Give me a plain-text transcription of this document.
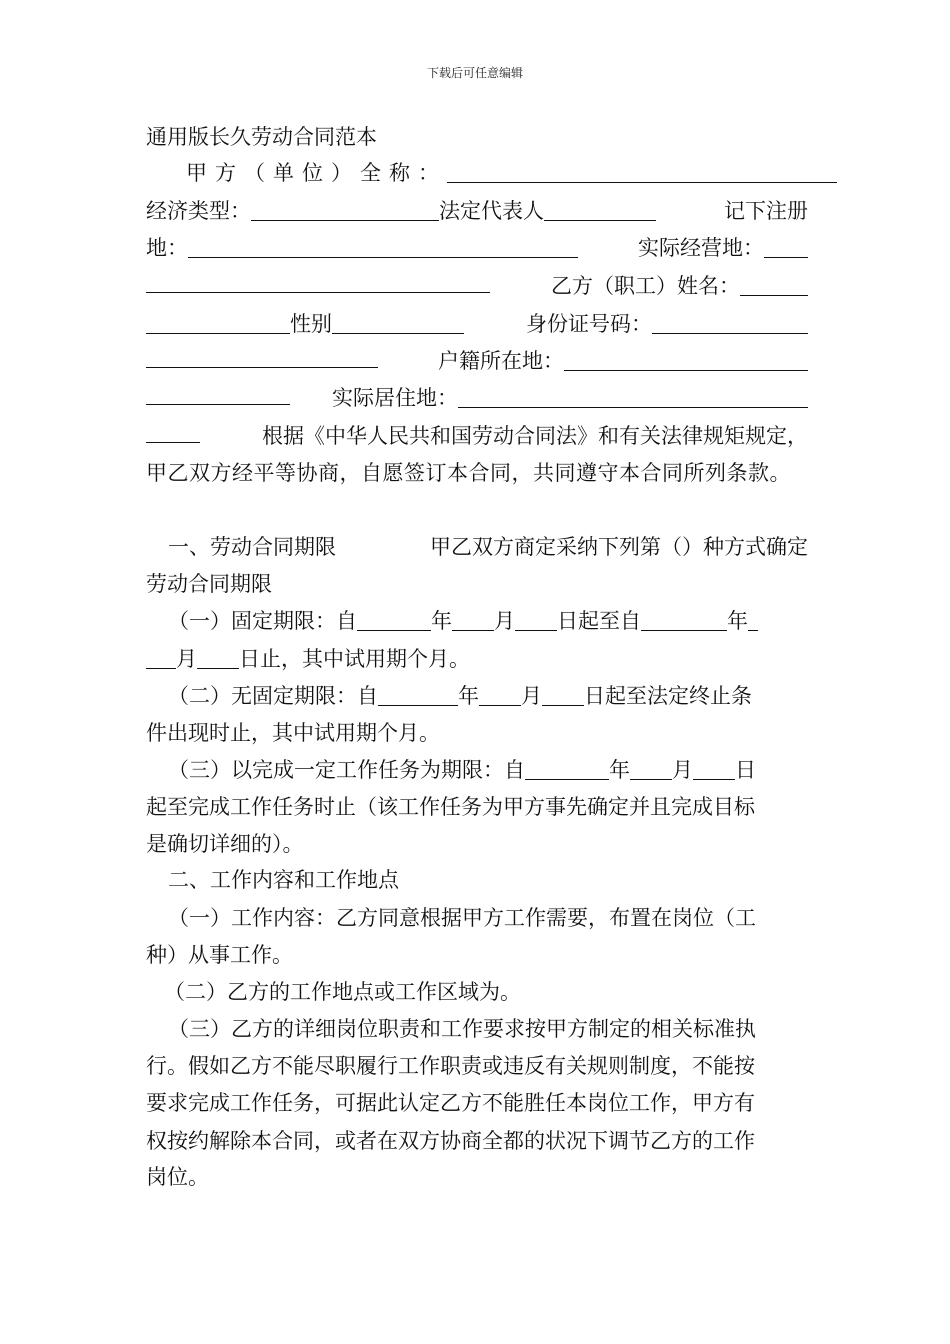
下载后可任意编辑
通用版长久劳动合同范本
甲方（单位）全称：
经济类型：	法定代表人	记下注册
地：	实际经营地：
乙方（职工）姓名：
性别	身份证号码：
户籍所在地：
实际居住地：
根据《中华人民共和国劳动合同法》和有关法律规矩规定，
甲乙双方经平等协商，自愿签订本合同，共同遵守本合同所列条款。
一、劳动合同期限	甲乙双方商定采纳下列第（）种方式确定
劳动合同期限
（一）固定期限：自	年 月 日起至自	年
月 日止，其中试用期个月。
（二）无固定期限：自	年 月 日起至法定终止条
件出现时止，其中试用期个月。
（三）以完成一定工作任务为期限：自	年 月 日
起至完成工作任务时止（该工作任务为甲方事先确定并且完成目标
是确切详细的）。
二、工作内容和工作地点
（一）工作内容：乙方同意根据甲方工作需要，布置在岗位（工
种）从事工作。
（二）乙方的工作地点或工作区域为。
（三）乙方的详细岗位职责和工作要求按甲方制定的相关标准执
行。假如乙方不能尽职履行工作职责或违反有关规则制度，不能按
要求完成工作任务，可据此认定乙方不能胜任本岗位工作，甲方有
权按约解除本合同，或者在双方协商全都的状况下调节乙方的工作
岗位。
